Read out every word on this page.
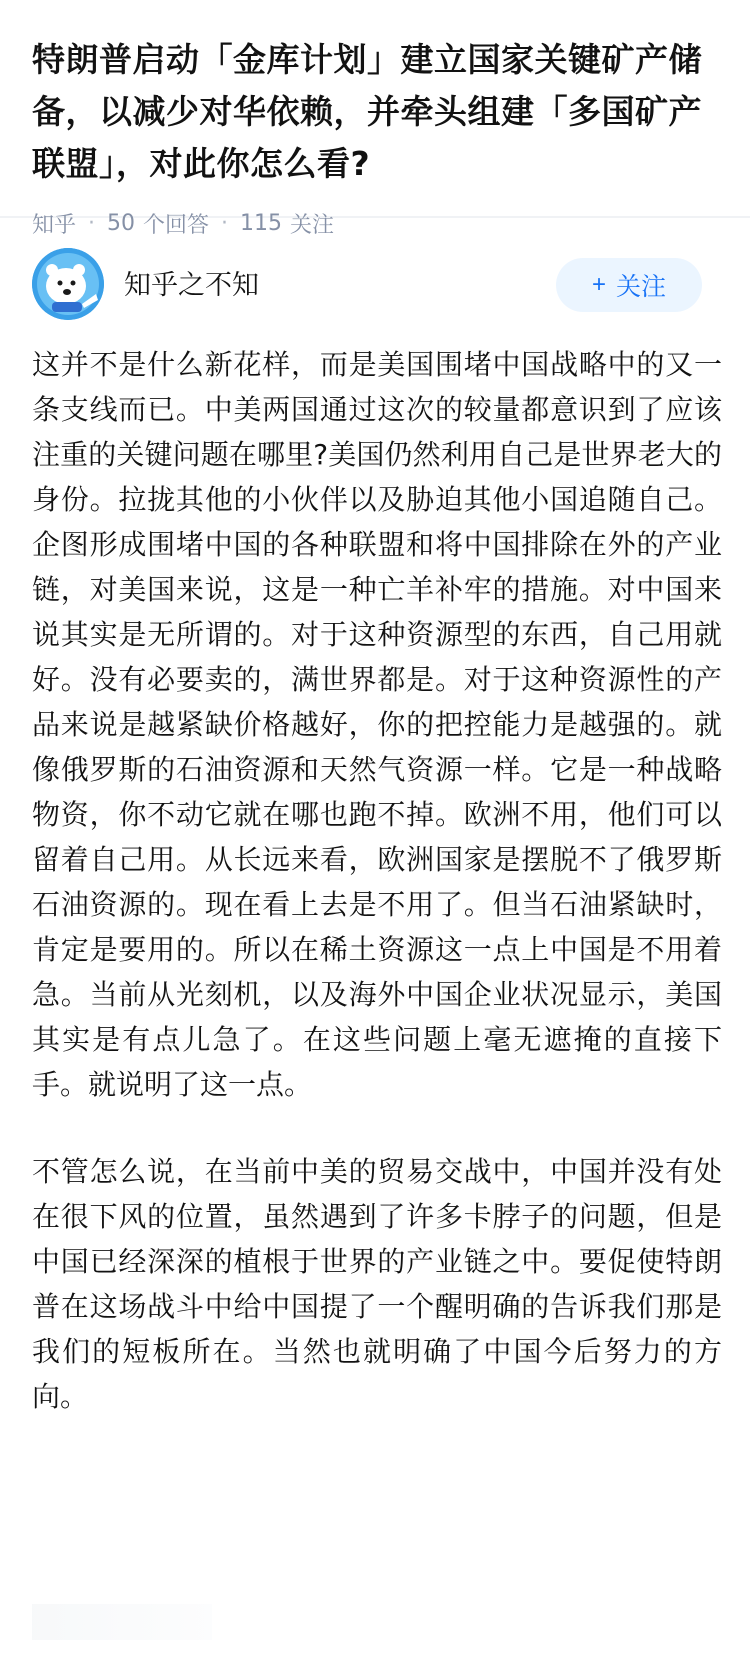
特朗普启动「金库计划」建立国家关键矿产储备，以减少对华依赖，并牵头组建「多国矿产联盟」，对此你怎么看?
知乎 · 50 个回答 · 115 关注
知乎之不知	+ 关注

这并不是什么新花样，而是美国围堵中国战略中的又一条支线而已。中美两国通过这次的较量都意识到了应该注重的关键问题在哪里?美国仍然利用自己是世界老大的身份。拉拢其他的小伙伴以及胁迫其他小国追随自己。企图形成围堵中国的各种联盟和将中国排除在外的产业链，对美国来说，这是一种亡羊补牢的措施。对中国来说其实是无所谓的。对于这种资源型的东西，自己用就好。没有必要卖的，满世界都是。对于这种资源性的产品来说是越紧缺价格越好，你的把控能力是越强的。就像俄罗斯的石油资源和天然气资源一样。它是一种战略物资，你不动它就在哪也跑不掉。欧洲不用，他们可以留着自己用。从长远来看，欧洲国家是摆脱不了俄罗斯石油资源的。现在看上去是不用了。但当石油紧缺时，肯定是要用的。所以在稀土资源这一点上中国是不用着急。当前从光刻机，以及海外中国企业状况显示，美国其实是有点儿急了。在这些问题上毫无遮掩的直接下手。就说明了这一点。

不管怎么说，在当前中美的贸易交战中，中国并没有处在很下风的位置，虽然遇到了许多卡脖子的问题，但是中国已经深深的植根于世界的产业链之中。要促使特朗普在这场战斗中给中国提了一个醒明确的告诉我们那是我们的短板所在。当然也就明确了中国今后努力的方向。
